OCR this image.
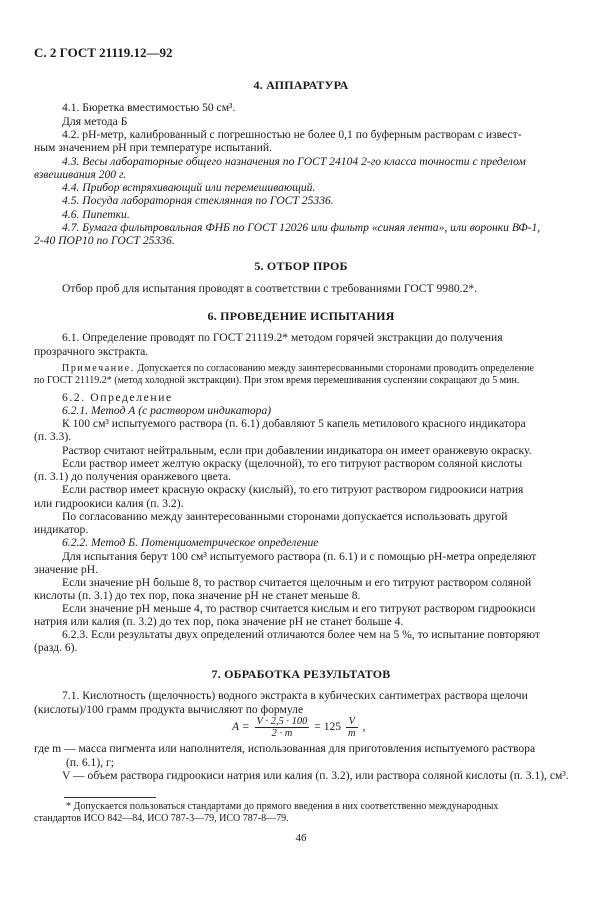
С. 2 ГОСТ 21119.12—92
4. АППАРАТУРА
4.1. Бюретка вместимостью 50 см³.
Для метода Б
4.2. pH-метр, калиброванный с погрешностью не более 0,1 по буферным растворам с извест-
ным значением pH при температуре испытаний.
4.3. Весы лабораторные общего назначения по ГОСТ 24104 2-го класса точности с пределом
взвешивания 200 г.
4.4. Прибор встряхивающий или перемешивающий.
4.5. Посуда лабораторная стеклянная по ГОСТ 25336.
4.6. Пипетки.
4.7. Бумага фильтровальная ФНБ по ГОСТ 12026 или фильтр «синяя лента», или воронки ВФ-1,
2-40 ПОР10 по ГОСТ 25336.
5. ОТБОР ПРОБ
Отбор проб для испытания проводят в соответствии с требованиями ГОСТ 9980.2*.
6. ПРОВЕДЕНИЕ ИСПЫТАНИЯ
6.1. Определение проводят по ГОСТ 21119.2* методом горячей экстракции до получения
прозрачного экстракта.
Примечание. Допускается по согласованию между заинтересованными сторонами проводить определение
по ГОСТ 21119.2* (метод холодной экстракции). При этом время перемешивания суспензии сокращают до 5 мин.
6.2. Определение
6.2.1. Метод А (с раствором индикатора)
К 100 см³ испытуемого раствора (п. 6.1) добавляют 5 капель метилового красного индикатора
(п. 3.3).
Раствор считают нейтральным, если при добавлении индикатора он имеет оранжевую окраску.
Если раствор имеет желтую окраску (щелочной), то его титруют раствором соляной кислоты
(п. 3.1) до получения оранжевого цвета.
Если раствор имеет красную окраску (кислый), то его титруют раствором гидроокиси натрия
или гидроокиси калия (п. 3.2).
По согласованию между заинтересованными сторонами допускается использовать другой
индикатор.
6.2.2. Метод Б. Потенциометрическое определение
Для испытания берут 100 см³ испытуемого раствора (п. 6.1) и с помощью pH-метра определяют
значение pH.
Если значение pH больше 8, то раствор считается щелочным и его титруют раствором соляной
кислоты (п. 3.1) до тех пор, пока значение pH не станет меньше 8.
Если значение pH меньше 4, то раствор считается кислым и его титруют раствором гидроокиси
натрия или калия (п. 3.2) до тех пор, пока значение pH не станет больше 4.
6.2.3. Если результаты двух определений отличаются более чем на 5 %, то испытание повторяют
(разд. 6).
7. ОБРАБОТКА РЕЗУЛЬТАТОВ
7.1. Кислотность (щелочность) водного экстракта в кубических сантиметрах раствора щелочи
(кислоты)/100 грамм продукта вычисляют по формуле
$A = \frac{V \cdot 2,5 \cdot 100}{2 \cdot m} = 125 \frac{V}{m}$ ,
где m — масса пигмента или наполнителя, использованная для приготовления испытуемого раствора
(п. 6.1), г;
V — объем раствора гидроокиси натрия или калия (п. 3.2), или раствора соляной кислоты (п. 3.1), см³.
* Допускается пользоваться стандартами до прямого введения в них соответственно международных
стандартов ИСО 842—84, ИСО 787-3—79, ИСО 787-8—79.
46
